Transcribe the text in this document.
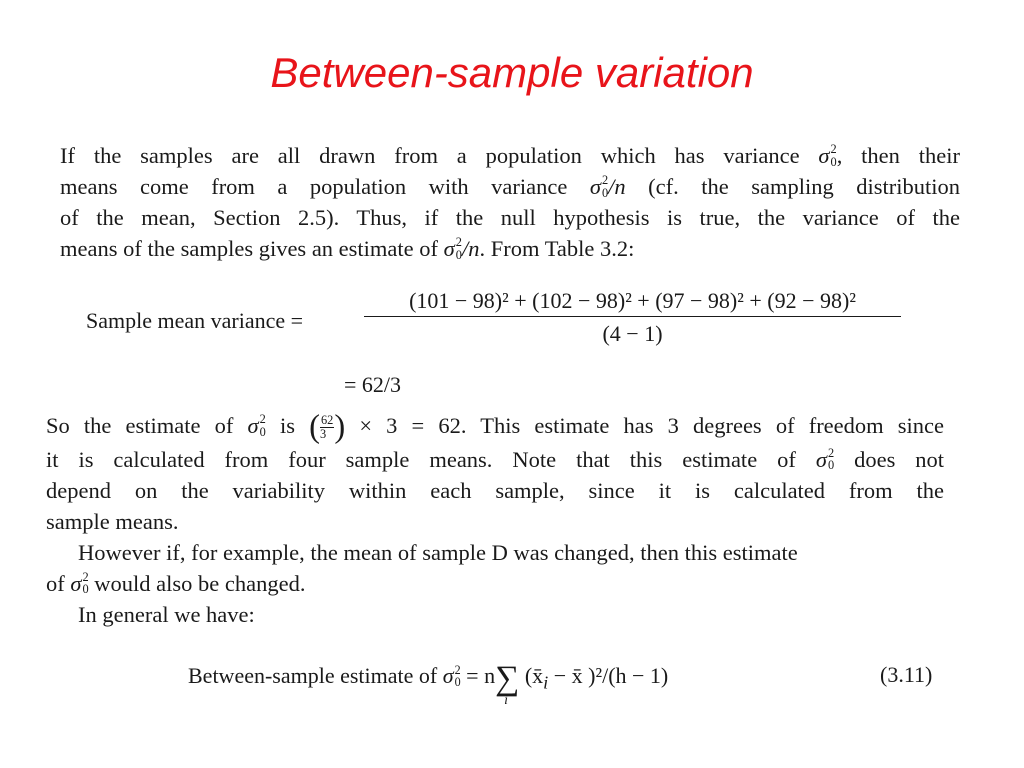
Between-sample variation
If the samples are all drawn from a population which has variance σ 2
0 , then their
means come from a population with variance σ 2
0 /n (cf. the sampling distribution
of the mean, Section 2.5). Thus, if the null hypothesis is true, the variance of the
means of the samples gives an estimate of σ 2
0 /n. From Table 3.2:
Sample mean variance =	$\frac{\text{(101 − 98)² + (102 − 98)² + (97 − 98)² + (92 − 98)²}}{(4 - 1)}$
= 62/3
So the estimate of σ 2
0 is ( $\frac{62}{3}$ ) × 3 = 62. This estimate has 3 degrees of freedom since
it is calculated from four sample means. Note that this estimate of σ 2
0 does not
depend on the variability within each sample, since it is calculated from the
sample means.
However if, for example, the mean of sample D was changed, then this estimate
of σ 2
0 would also be changed.
In general we have:
Between-sample estimate of σ 2
0 = n∑
i
($x̄_i$ − x̄ )²/(h − 1)	(3.11)
